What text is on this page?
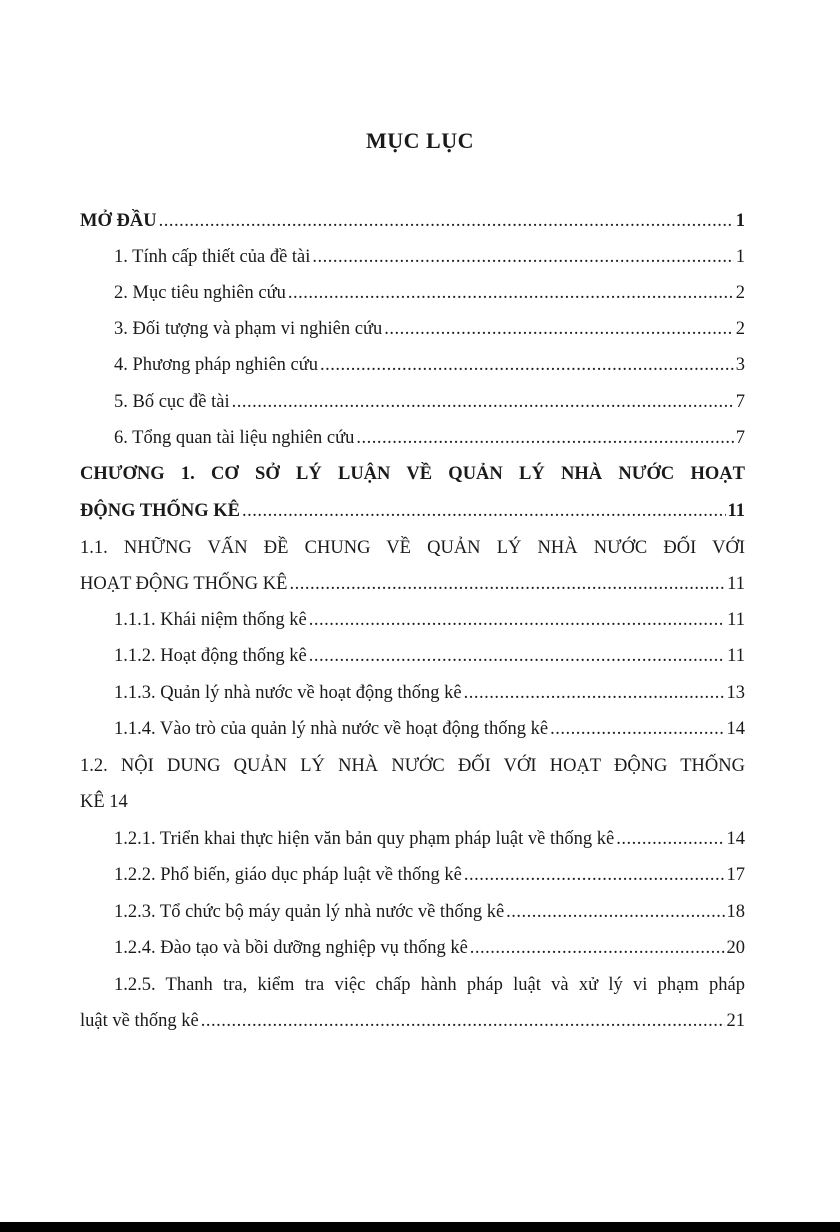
MỤC LỤC
MỞ ĐẦU .....	1
1. Tính cấp thiết của đề tài .....	1
2. Mục tiêu nghiên cứu .....	2
3. Đối tượng và phạm vi nghiên cứu .....	2
4. Phương pháp nghiên cứu .....	3
5. Bố cục đề tài .....	7
6. Tổng quan tài liệu nghiên cứu .....	7
CHƯƠNG 1. CƠ SỞ LÝ LUẬN VỀ QUẢN LÝ NHÀ NƯỚC HOẠT
ĐỘNG THỐNG KÊ .....	11
1.1. NHỮNG VẤN ĐỀ CHUNG VỀ QUẢN LÝ NHÀ NƯỚC ĐỐI VỚI
HOẠT ĐỘNG THỐNG KÊ .....	11
1.1.1. Khái niệm thống kê .....	11
1.1.2. Hoạt động thống kê .....	11
1.1.3. Quản lý nhà nước về hoạt động thống kê .....	13
1.1.4. Vào trò của quản lý nhà nước về hoạt động thống kê .....	14
1.2. NỘI DUNG QUẢN LÝ NHÀ NƯỚC ĐỐI VỚI HOẠT ĐỘNG THỐNG
KÊ 14
1.2.1. Triển khai thực hiện văn bản quy phạm pháp luật về thống kê .....	14
1.2.2. Phổ biến, giáo dục pháp luật về thống kê .....	17
1.2.3. Tổ chức bộ máy quản lý nhà nước về thống kê .....	18
1.2.4. Đào tạo và bồi dưỡng nghiệp vụ thống kê .....	20
1.2.5. Thanh tra, kiểm tra việc chấp hành pháp luật và xử lý vi phạm pháp
luật về thống kê .....	21
